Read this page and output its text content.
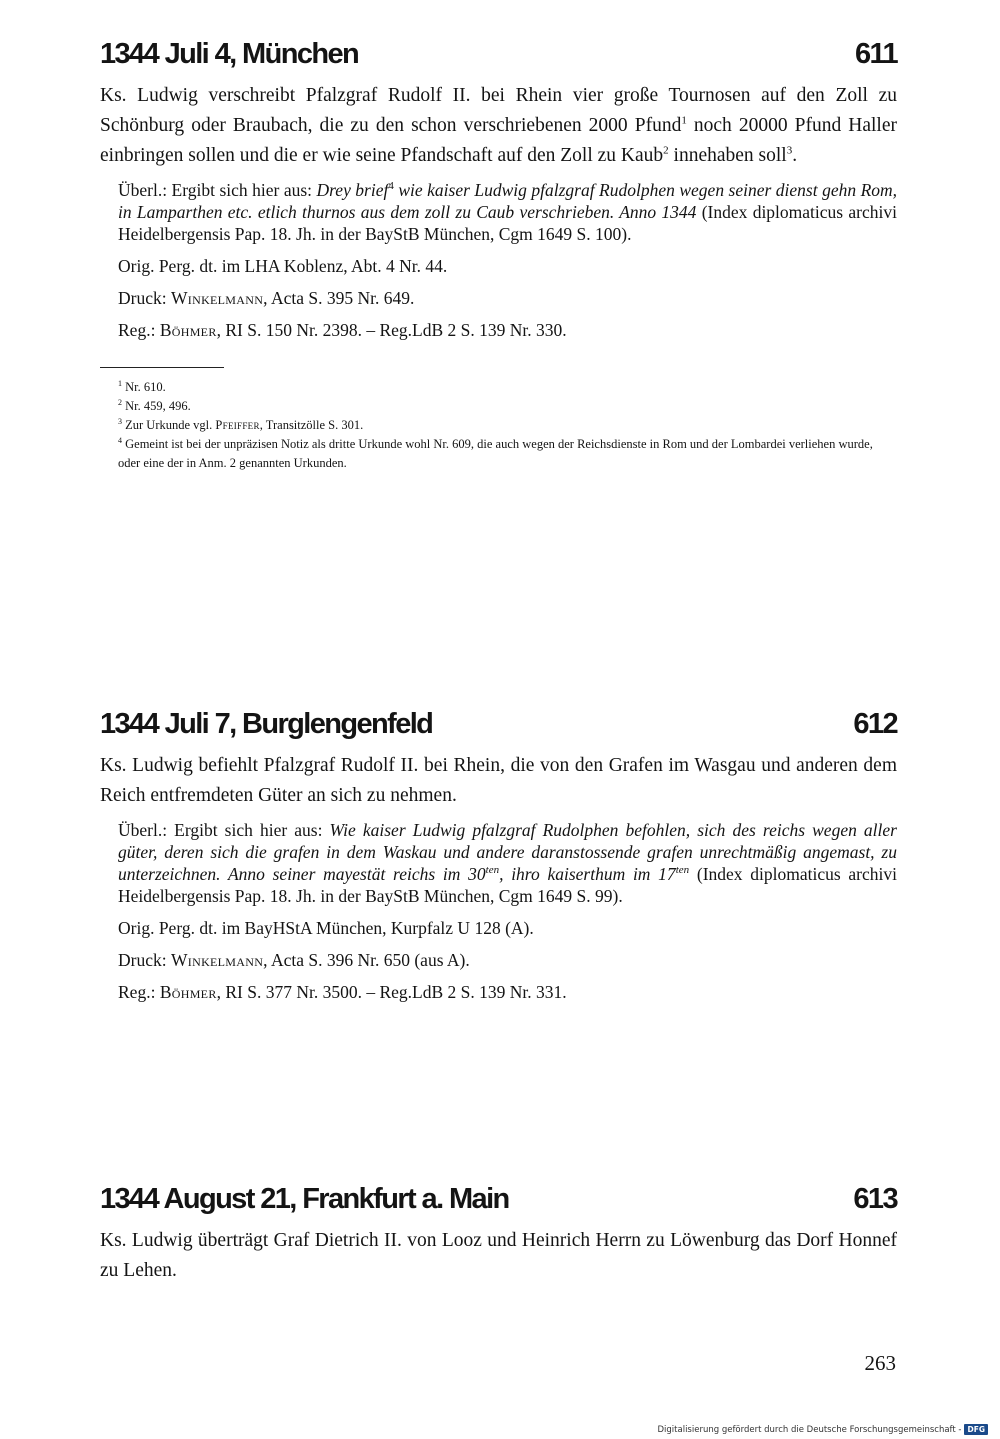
1344 Juli 4, München	611

Ks. Ludwig verschreibt Pfalzgraf Rudolf II. bei Rhein vier große Tournosen auf den Zoll zu Schönburg oder Braubach, die zu den schon verschriebenen 2000 Pfund$^1$ noch 20000 Pfund Haller einbringen sollen und die er wie seine Pfandschaft auf den Zoll zu Kaub$^2$ innehaben soll$^3$.

Überl.: Ergibt sich hier aus: Drey brief$^4$ wie kaiser Ludwig pfalzgraf Rudolphen wegen seiner dienst gehn Rom, in Lamparthen etc. etlich thurnos aus dem zoll zu Caub verschrieben. Anno 1344 (Index diplomaticus archivi Heidelbergensis Pap. 18. Jh. in der BayStB München, Cgm 1649 S. 100).

Orig. Perg. dt. im LHA Koblenz, Abt. 4 Nr. 44.

Druck: Winkelmann, Acta S. 395 Nr. 649.

Reg.: Böhmer, RI S. 150 Nr. 2398. – Reg.LdB 2 S. 139 Nr. 330.

$^1$ Nr. 610.

$^2$ Nr. 459, 496.

$^3$ Zur Urkunde vgl. Pfeiffer, Transitzölle S. 301.

$^4$ Gemeint ist bei der unpräzisen Notiz als dritte Urkunde wohl Nr. 609, die auch wegen der Reichsdienste in Rom und der Lombardei verliehen wurde, oder eine der in Anm. 2 genannten Urkunden.

1344 Juli 7, Burglengenfeld	612

Ks. Ludwig befiehlt Pfalzgraf Rudolf II. bei Rhein, die von den Grafen im Wasgau und anderen dem Reich entfremdeten Güter an sich zu nehmen.

Überl.: Ergibt sich hier aus: Wie kaiser Ludwig pfalzgraf Rudolphen befohlen, sich des reichs wegen aller güter, deren sich die grafen in dem Waskau und andere daranstossende grafen unrechtmäßig angemast, zu unterzeichnen. Anno seiner mayestät reichs im $30^{ten}$, ihro kaiserthum im $17^{ten}$ (Index diplomaticus archivi Heidelbergensis Pap. 18. Jh. in der BayStB München, Cgm 1649 S. 99).

Orig. Perg. dt. im BayHStA München, Kurpfalz U 128 (A).

Druck: Winkelmann, Acta S. 396 Nr. 650 (aus A).

Reg.: Böhmer, RI S. 377 Nr. 3500. – Reg.LdB 2 S. 139 Nr. 331.

1344 August 21, Frankfurt a. Main	613

Ks. Ludwig überträgt Graf Dietrich II. von Looz und Heinrich Herrn zu Löwenburg das Dorf Honnef zu Lehen.

263
Digitalisierung gefördert durch die Deutsche Forschungsgemeinschaft - DFG
